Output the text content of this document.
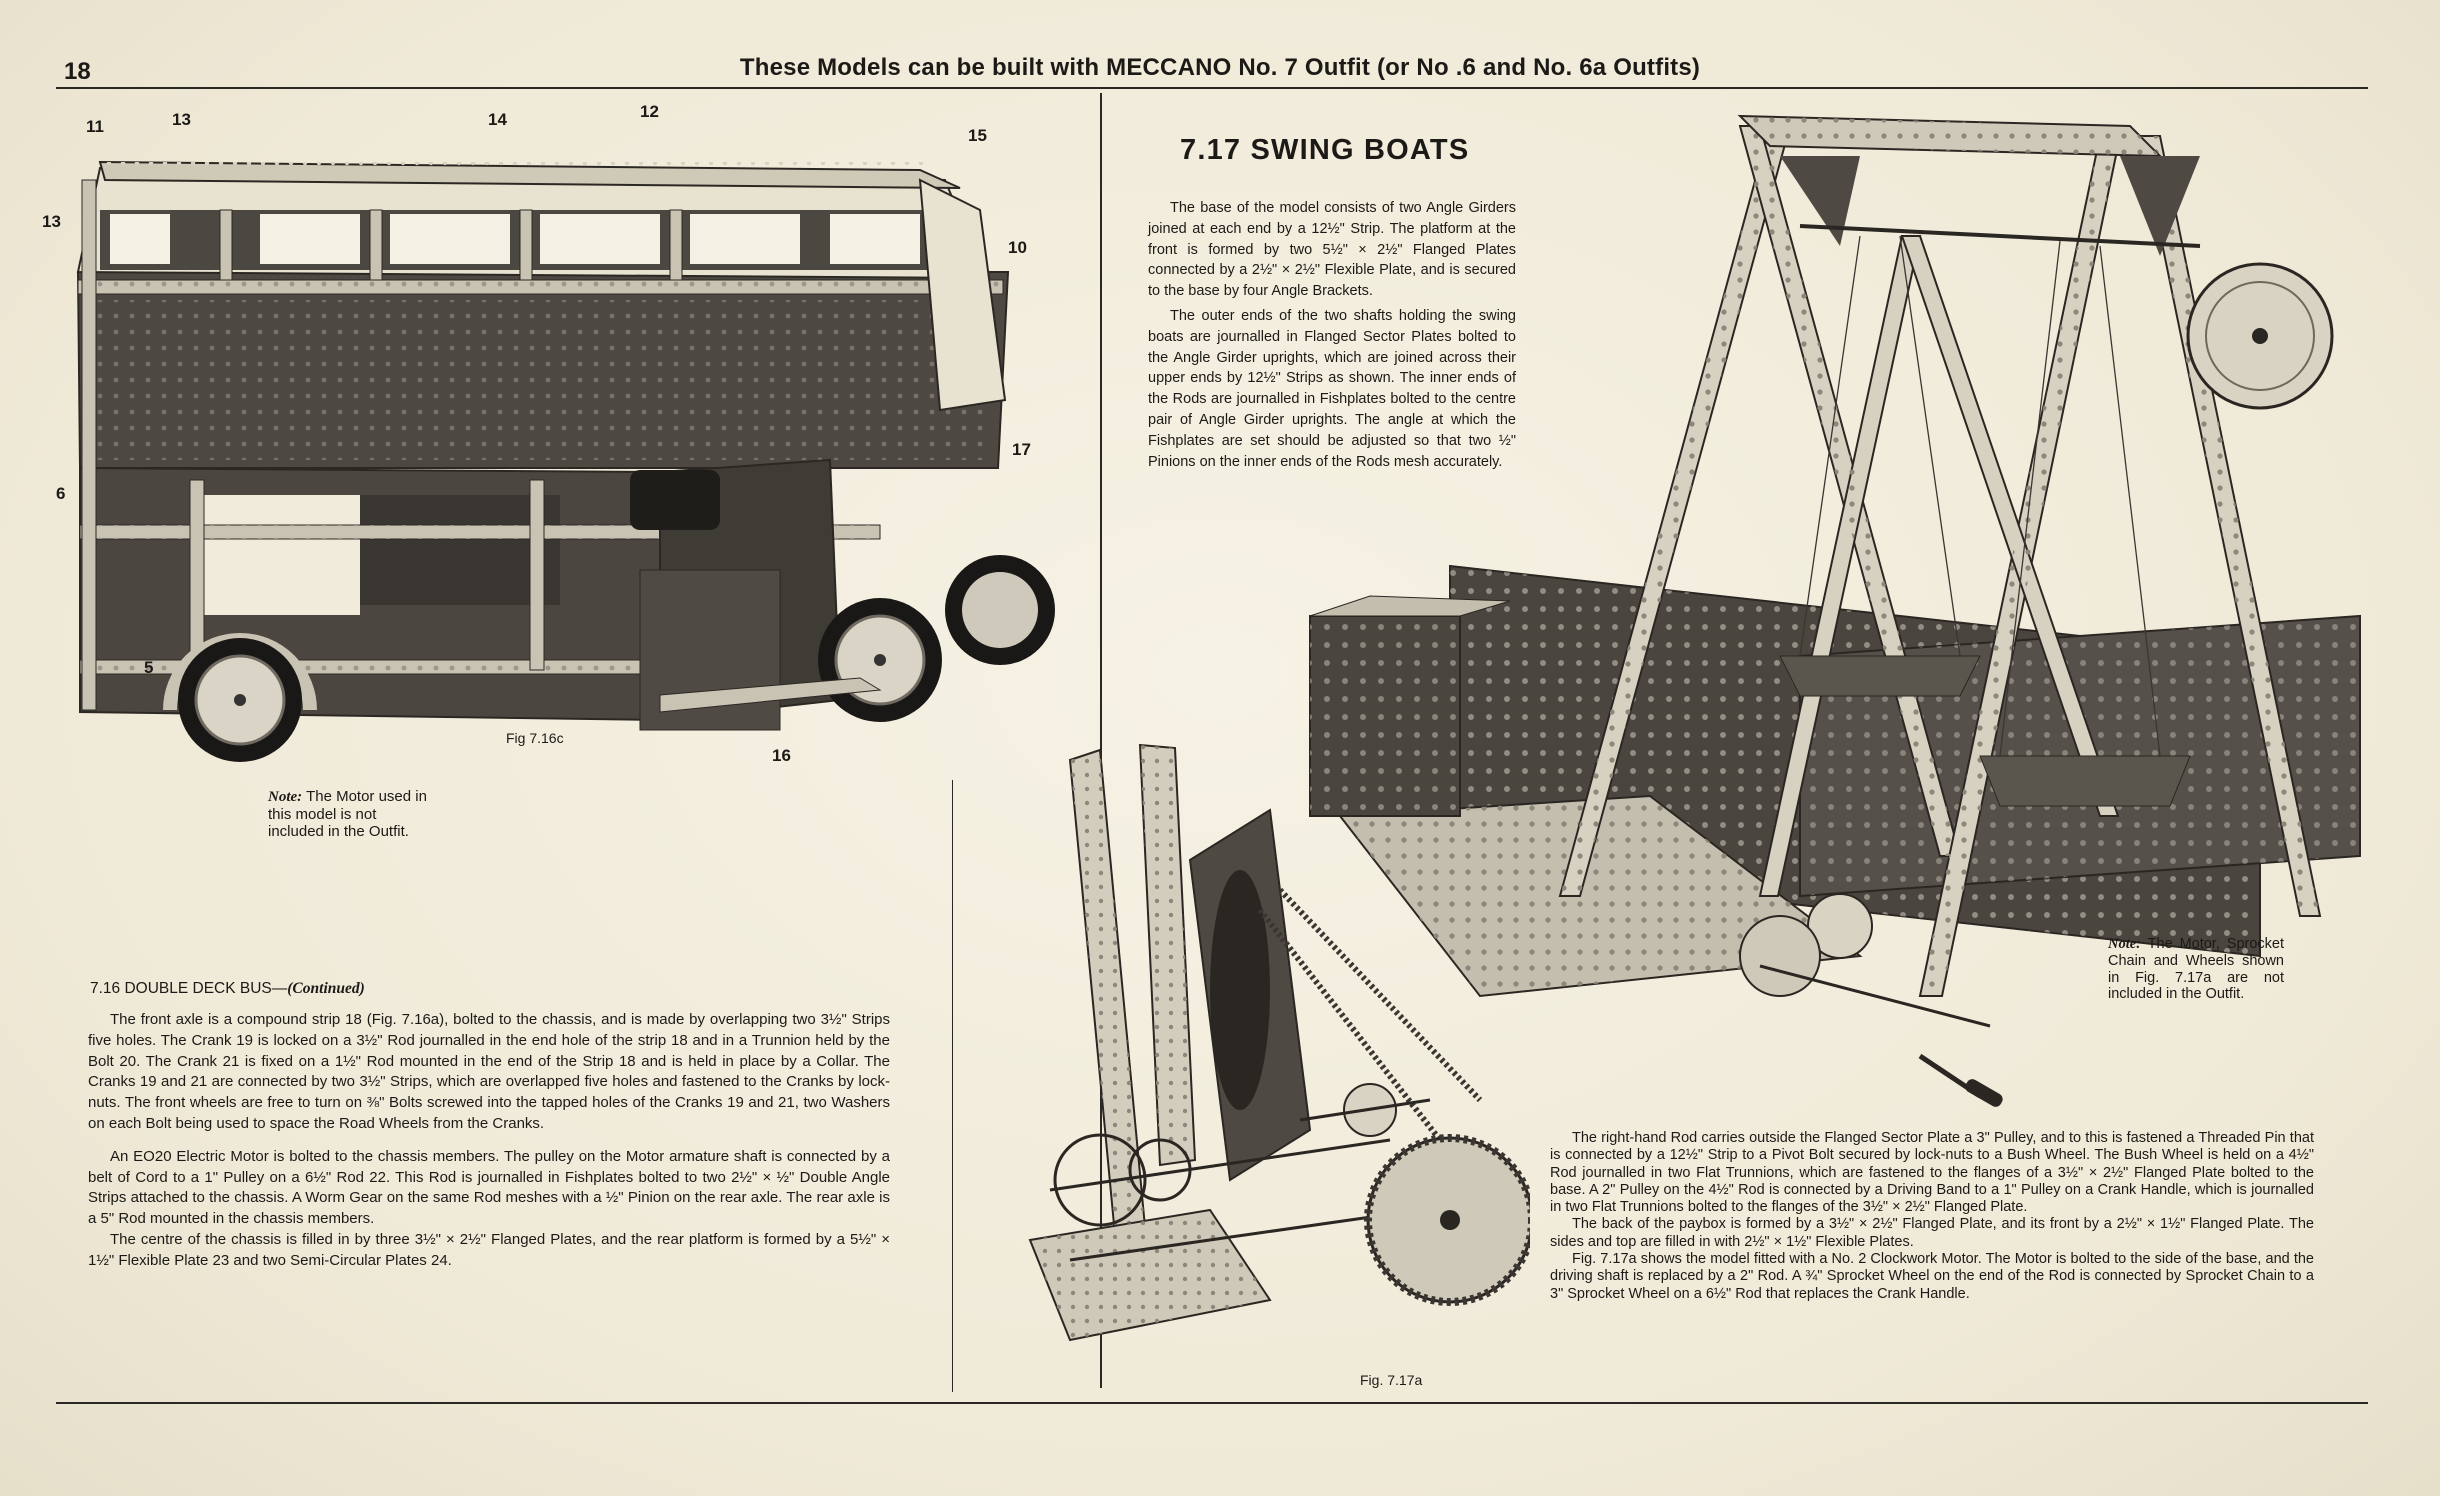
18	These Models can be built with MECCANO No. 7 Outfit (or No .6 and No. 6a Outfits)
11	13	14	12
15
13
10
17
6
5
16
Fig 7.16c
Note: The Motor used in this model is not included in the Outfit.
7.16 DOUBLE DECK BUS—(Continued)

The front axle is a compound strip 18 (Fig. 7.16a), bolted to the chassis, and is made by overlapping two 3½" Strips five holes. The Crank 19 is locked on a 3½" Rod journalled in the end hole of the strip 18 and in a Trunnion held by the Bolt 20. The Crank 21 is fixed on a 1½" Rod mounted in the end of the Strip 18 and is held in place by a Collar. The Cranks 19 and 21 are connected by two 3½" Strips, which are overlapped five holes and fastened to the Cranks by lock-nuts. The front wheels are free to turn on ⅜" Bolts screwed into the tapped holes of the Cranks 19 and 21, two Washers on each Bolt being used to space the Road Wheels from the Cranks.

An EO20 Electric Motor is bolted to the chassis members. The pulley on the Motor armature shaft is connected by a belt of Cord to a 1" Pulley on a 6½" Rod 22. This Rod is journalled in Fishplates bolted to two 2½" × ½" Double Angle Strips attached to the chassis. A Worm Gear on the same Rod meshes with a ½" Pinion on the rear axle. The rear axle is a 5" Rod mounted in the chassis members.

The centre of the chassis is filled in by three 3½" × 2½" Flanged Plates, and the rear platform is formed by a 5½" × 1½" Flexible Plate 23 and two Semi-Circular Plates 24.

7.17 SWING BOATS

The base of the model consists of two Angle Girders joined at each end by a 12½" Strip. The platform at the front is formed by two 5½" × 2½" Flanged Plates connected by a 2½" × 2½" Flexible Plate, and is secured to the base by four Angle Brackets.

The outer ends of the two shafts holding the swing boats are journalled in Flanged Sector Plates bolted to the Angle Girder uprights, which are joined across their upper ends by 12½" Strips as shown. The inner ends of the Rods are journalled in Fishplates bolted to the centre pair of Angle Girder uprights. The angle at which the Fishplates are set should be adjusted so that two ½" Pinions on the inner ends of the Rods mesh accurately.

Note: The Motor, Sprocket Chain and Wheels shown in Fig. 7.17a are not included in the Outfit.
Fig. 7.17a

The right-hand Rod carries outside the Flanged Sector Plate a 3" Pulley, and to this is fastened a Threaded Pin that is connected by a 12½" Strip to a Pivot Bolt secured by lock-nuts to a Bush Wheel. The Bush Wheel is held on a 4½" Rod journalled in two Flat Trunnions, which are fastened to the flanges of a 3½" × 2½" Flanged Plate bolted to the base. A 2" Pulley on the 4½" Rod is connected by a Driving Band to a 1" Pulley on a Crank Handle, which is journalled in two Flat Trunnions bolted to the flanges of the 3½" × 2½" Flanged Plate.

The back of the paybox is formed by a 3½" × 2½" Flanged Plate, and its front by a 2½" × 1½" Flanged Plate. The sides and top are filled in with 2½" × 1½" Flexible Plates.

Fig. 7.17a shows the model fitted with a No. 2 Clockwork Motor. The Motor is bolted to the side of the base, and the driving shaft is replaced by a 2" Rod. A ¾" Sprocket Wheel on the end of the Rod is connected by Sprocket Chain to a 3" Sprocket Wheel on a 6½" Rod that replaces the Crank Handle.
